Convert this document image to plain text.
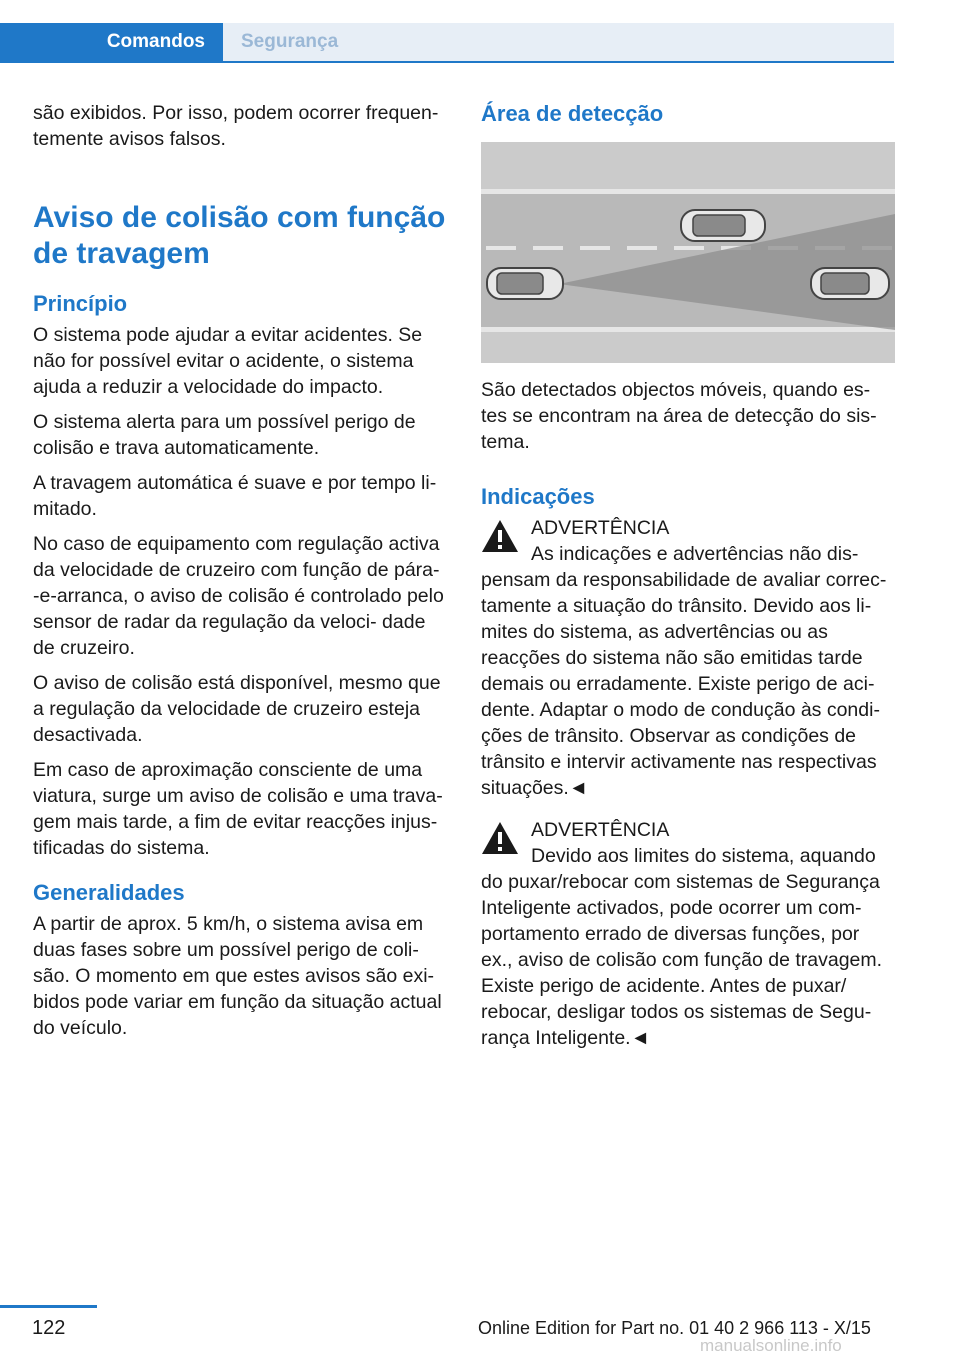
Comandos	Segurança

são exibidos. Por isso, podem ocorrer frequen‐ temente avisos falsos.

Aviso de colisão com função de travagem
Princípio

O sistema pode ajudar a evitar acidentes. Se não for possível evitar o acidente, o sistema ajuda a reduzir a velocidade do impacto.

O sistema alerta para um possível perigo de colisão e trava automaticamente.

A travagem automática é suave e por tempo li‐ mitado.

No caso de equipamento com regulação activa da velocidade de cruzeiro com função de pára‐ ‑e‑arranca, o aviso de colisão é controlado pelo sensor de radar da regulação da veloci‐ dade de cruzeiro.

O aviso de colisão está disponível, mesmo que a regulação da velocidade de cruzeiro esteja desactivada.

Em caso de aproximação consciente de uma viatura, surge um aviso de colisão e uma trava‐ gem mais tarde, a fim de evitar reacções injus‐ tificadas do sistema.

Generalidades

A partir de aprox. 5 km/h, o sistema avisa em duas fases sobre um possível perigo de coli‐ são. O momento em que estes avisos são exi‐ bidos pode variar em função da situação actual do veículo.

Área de detecção

São detectados objectos móveis, quando es‐ tes se encontram na área de detecção do sis‐ tema.

Indicações
ADVERTÊNCIA
As indicações e advertências não dis‐
pensam da responsabilidade de avaliar correc‐ tamente a situação do trânsito. Devido aos li‐ mites do sistema, as advertências ou as reacções do sistema não são emitidas tarde demais ou erradamente. Existe perigo de aci‐ dente. Adaptar o modo de condução às condi‐ ções de trânsito. Observar as condições de trânsito e intervir activamente nas respectivas situações.◄
ADVERTÊNCIA
Devido aos limites do sistema, aquando
do puxar/rebocar com sistemas de Segurança Inteligente activados, pode ocorrer um com‐ portamento errado de diversas funções, por ex., aviso de colisão com função de travagem. Existe perigo de acidente. Antes de puxar/ rebocar, desligar todos os sistemas de Segu‐ rança Inteligente.◄
122	Online Edition for Part no. 01 40 2 966 113 - X/15
manualsonline.info
